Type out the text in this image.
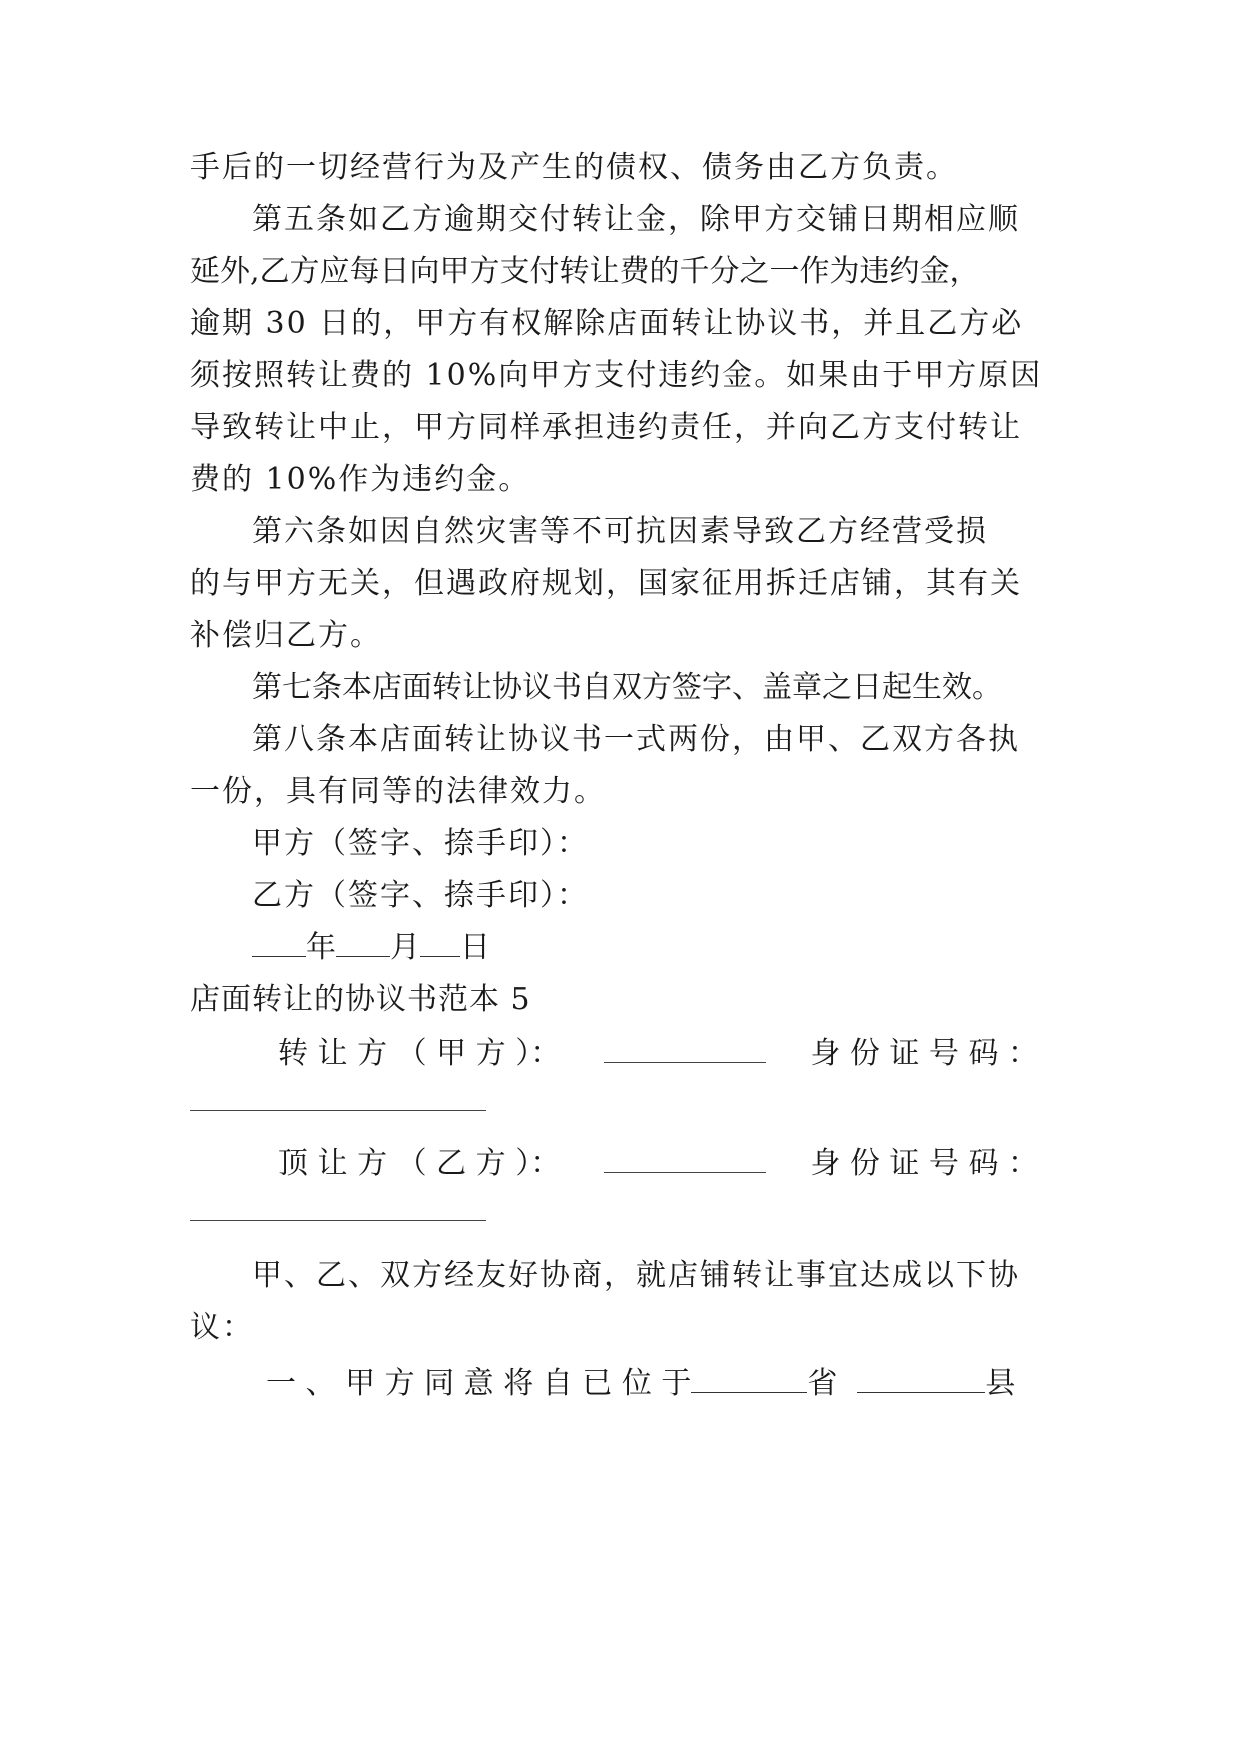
手后的一切经营行为及产生的债权、债务由乙方负责。
第五条如乙方逾期交付转让金，除甲方交铺日期相应顺
延外,乙方应每日向甲方支付转让费的千分之一作为违约金，
逾期 30 日的，甲方有权解除店面转让协议书，并且乙方必
须按照转让费的 10%向甲方支付违约金。如果由于甲方原因
导致转让中止，甲方同样承担违约责任，并向乙方支付转让
费的 10%作为违约金。
第六条如因自然灾害等不可抗因素导致乙方经营受损
的与甲方无关，但遇政府规划，国家征用拆迁店铺，其有关
补偿归乙方。
第七条本店面转让协议书自双方签字、盖章之日起生效。
第八条本店面转让协议书一式两份，由甲、乙双方各执
一份，具有同等的法律效力。
甲方（签字、捺手印）：
乙方（签字、捺手印）：
年 月 日
店面转让的协议书范本 5
转 让 方 （ 甲 方 ）：	身 份 证 号 码 ：
顶 让 方 （ 乙 方 ）：	身 份 证 号 码 ：
甲、乙、双方经友好协商，就店铺转让事宜达成以下协
议：
一 、 甲 方 同 意 将 自 已 位 于	省	县
